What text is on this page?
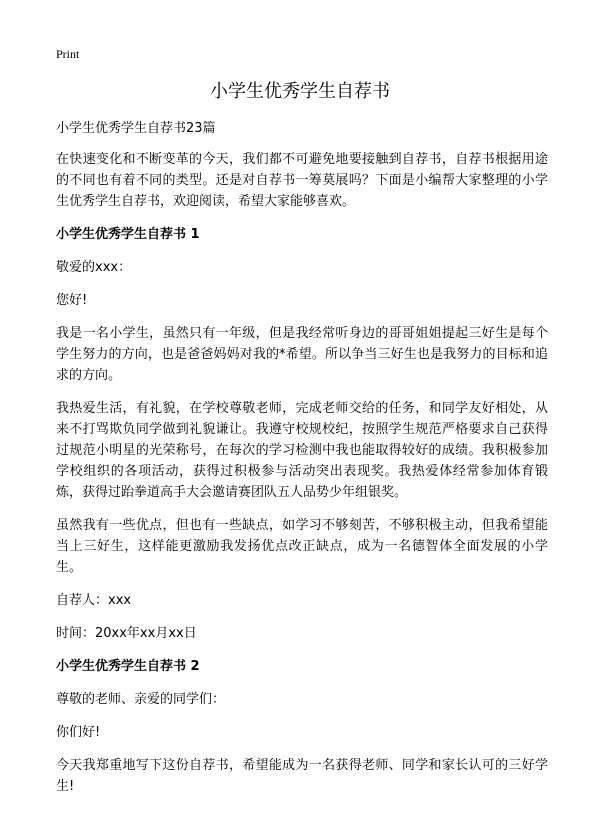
Print
小学生优秀学生自荐书

小学生优秀学生自荐书23篇

在快速变化和不断变革的今天，我们都不可避免地要接触到自荐书，自荐书根据用途的不同也有着不同的类型。还是对自荐书一筹莫展吗？下面是小编帮大家整理的小学生优秀学生自荐书，欢迎阅读，希望大家能够喜欢。

小学生优秀学生自荐书 1

敬爱的xxx：

您好!

我是一名小学生，虽然只有一年级，但是我经常听身边的哥哥姐姐提起三好生是每个学生努力的方向，也是爸爸妈妈对我的*希望。所以争当三好生也是我努力的目标和追求的方向。

我热爱生活，有礼貌，在学校尊敬老师，完成老师交给的任务，和同学友好相处，从来不打骂欺负同学做到礼貌谦让。我遵守校规校纪，按照学生规范严格要求自己获得过规范小明星的光荣称号，在每次的学习检测中我也能取得较好的成绩。我积极参加学校组织的各项活动，获得过积极参与活动突出表现奖。我热爱体经常参加体育锻炼，获得过跆拳道高手大会邀请赛团队五人品势少年组银奖。

虽然我有一些优点，但也有一些缺点，如学习不够刻苦，不够积极主动，但我希望能当上三好生，这样能更激励我发扬优点改正缺点，成为一名德智体全面发展的小学生。

自荐人：xxx

时间：20xx年xx月xx日

小学生优秀学生自荐书 2

尊敬的老师、亲爱的同学们：

你们好!

今天我郑重地写下这份自荐书，希望能成为一名获得老师、同学和家长认可的三好学生!
